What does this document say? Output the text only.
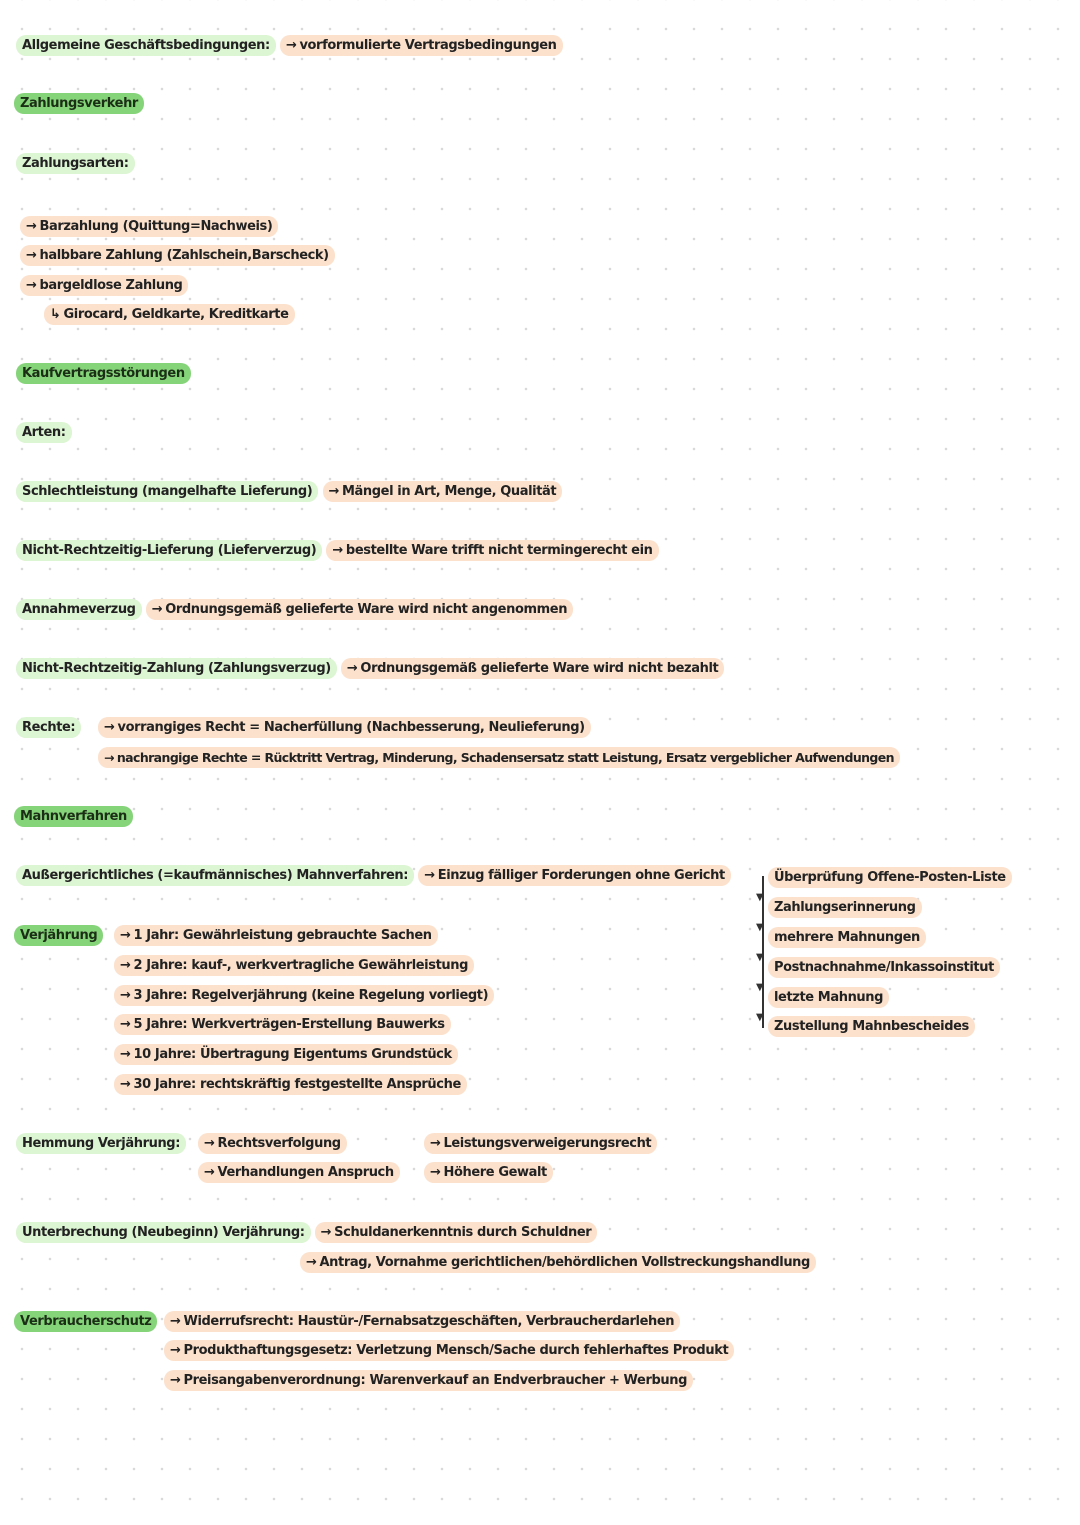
Allgemeine Geschäftsbedingungen: → vorformulierte Vertragsbedingungen
Zahlungsverkehr
Zahlungsarten:
→ Barzahlung (Quittung=Nachweis)
→ halbbare Zahlung (Zahlschein,Barscheck)
→ bargeldlose Zahlung
↳ Girocard, Geldkarte, Kreditkarte
Kaufvertragsstörungen
Arten:
Schlechtleistung (mangelhafte Lieferung) → Mängel in Art, Menge, Qualität
Nicht-Rechtzeitig-Lieferung (Lieferverzug) → bestellte Ware trifft nicht termingerecht ein
Annahmeverzug → Ordnungsgemäß gelieferte Ware wird nicht angenommen
Nicht-Rechtzeitig-Zahlung (Zahlungsverzug) → Ordnungsgemäß gelieferte Ware wird nicht bezahlt
Rechte:	→ vorrangiges Recht = Nacherfüllung (Nachbesserung, Neulieferung)
→ nachrangige Rechte = Rücktritt Vertrag, Minderung, Schadensersatz statt Leistung, Ersatz vergeblicher Aufwendungen
Mahnverfahren
Außergerichtliches (=kaufmännisches) Mahnverfahren: → Einzug fälliger Forderungen ohne Gericht
▼
▼
▼
▼
▼
Überprüfung Offene-Posten-Liste
Zahlungserinnerung
mehrere Mahnungen
Postnachnahme/Inkassoinstitut
letzte Mahnung
Zustellung Mahnbescheides
Verjährung	→ 1 Jahr: Gewährleistung gebrauchte Sachen
→ 2 Jahre: kauf-, werkvertragliche Gewährleistung
→ 3 Jahre: Regelverjährung (keine Regelung vorliegt)
→ 5 Jahre: Werkverträgen-Erstellung Bauwerks
→ 10 Jahre: Übertragung Eigentums Grundstück
→ 30 Jahre: rechtskräftig festgestellte Ansprüche
Hemmung Verjährung:	→ Rechtsverfolgung	→ Leistungsverweigerungsrecht
→ Verhandlungen Anspruch	→ Höhere Gewalt
Unterbrechung (Neubeginn) Verjährung: → Schuldanerkenntnis durch Schuldner
→ Antrag, Vornahme gerichtlichen/behördlichen Vollstreckungshandlung
Verbraucherschutz	→ Widerrufsrecht: Haustür-/Fernabsatzgeschäften, Verbraucherdarlehen
→ Produkthaftungsgesetz: Verletzung Mensch/Sache durch fehlerhaftes Produkt
→ Preisangabenverordnung: Warenverkauf an Endverbraucher + Werbung
